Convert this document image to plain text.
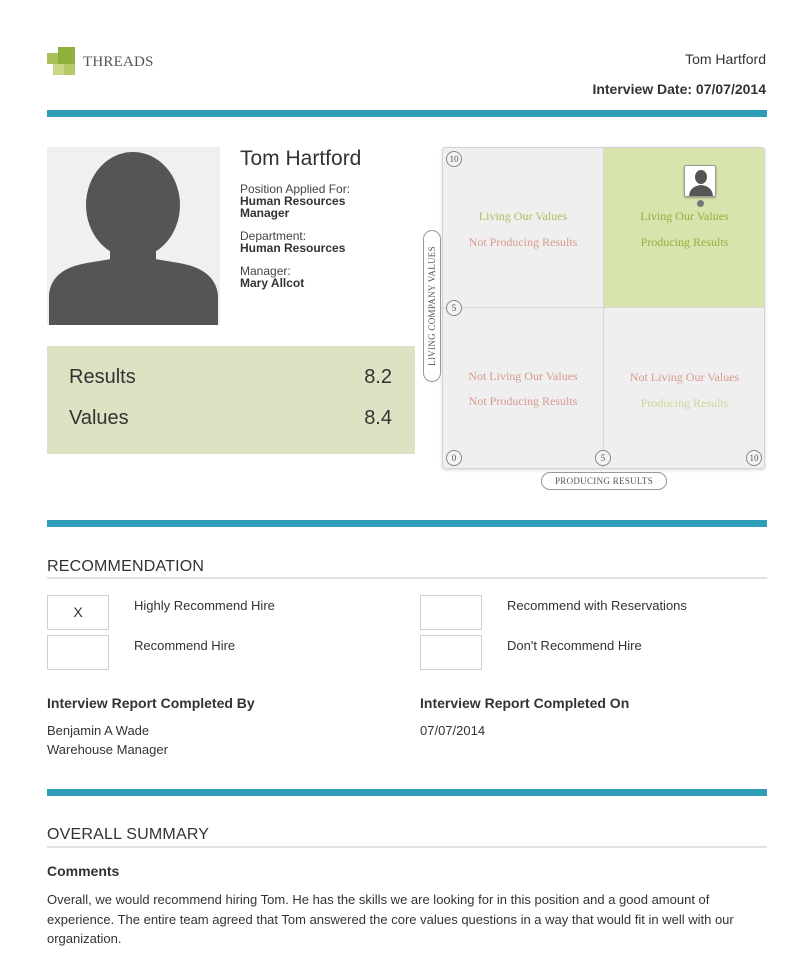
THREADS	Tom Hartford
Interview Date: 07/07/2014
Tom Hartford
Position Applied For:
Human Resources Manager
Department:
Human Resources
Manager:
Mary Allcot
Results	8.2
Values	8.4
Living Our Values
Not Producing Results
Living Our Values
Producing Results
Not Living Our Values
Not Producing Results
Not Living Our Values
Producing Results
10
5
0	5	10
LIVING COMPANY VALUES
PRODUCING RESULTS
RECOMMENDATION
X	Highly Recommend Hire
Recommend Hire
Recommend with Reservations
Don't Recommend Hire
Interview Report Completed By
Benjamin A Wade
Warehouse Manager
Interview Report Completed On
07/07/2014
OVERALL SUMMARY
Comments
Overall, we would recommend hiring Tom. He has the skills we are looking for in this position and a good amount of experience. The entire team agreed that Tom answered the core values questions in a way that would fit in well with our organization.
